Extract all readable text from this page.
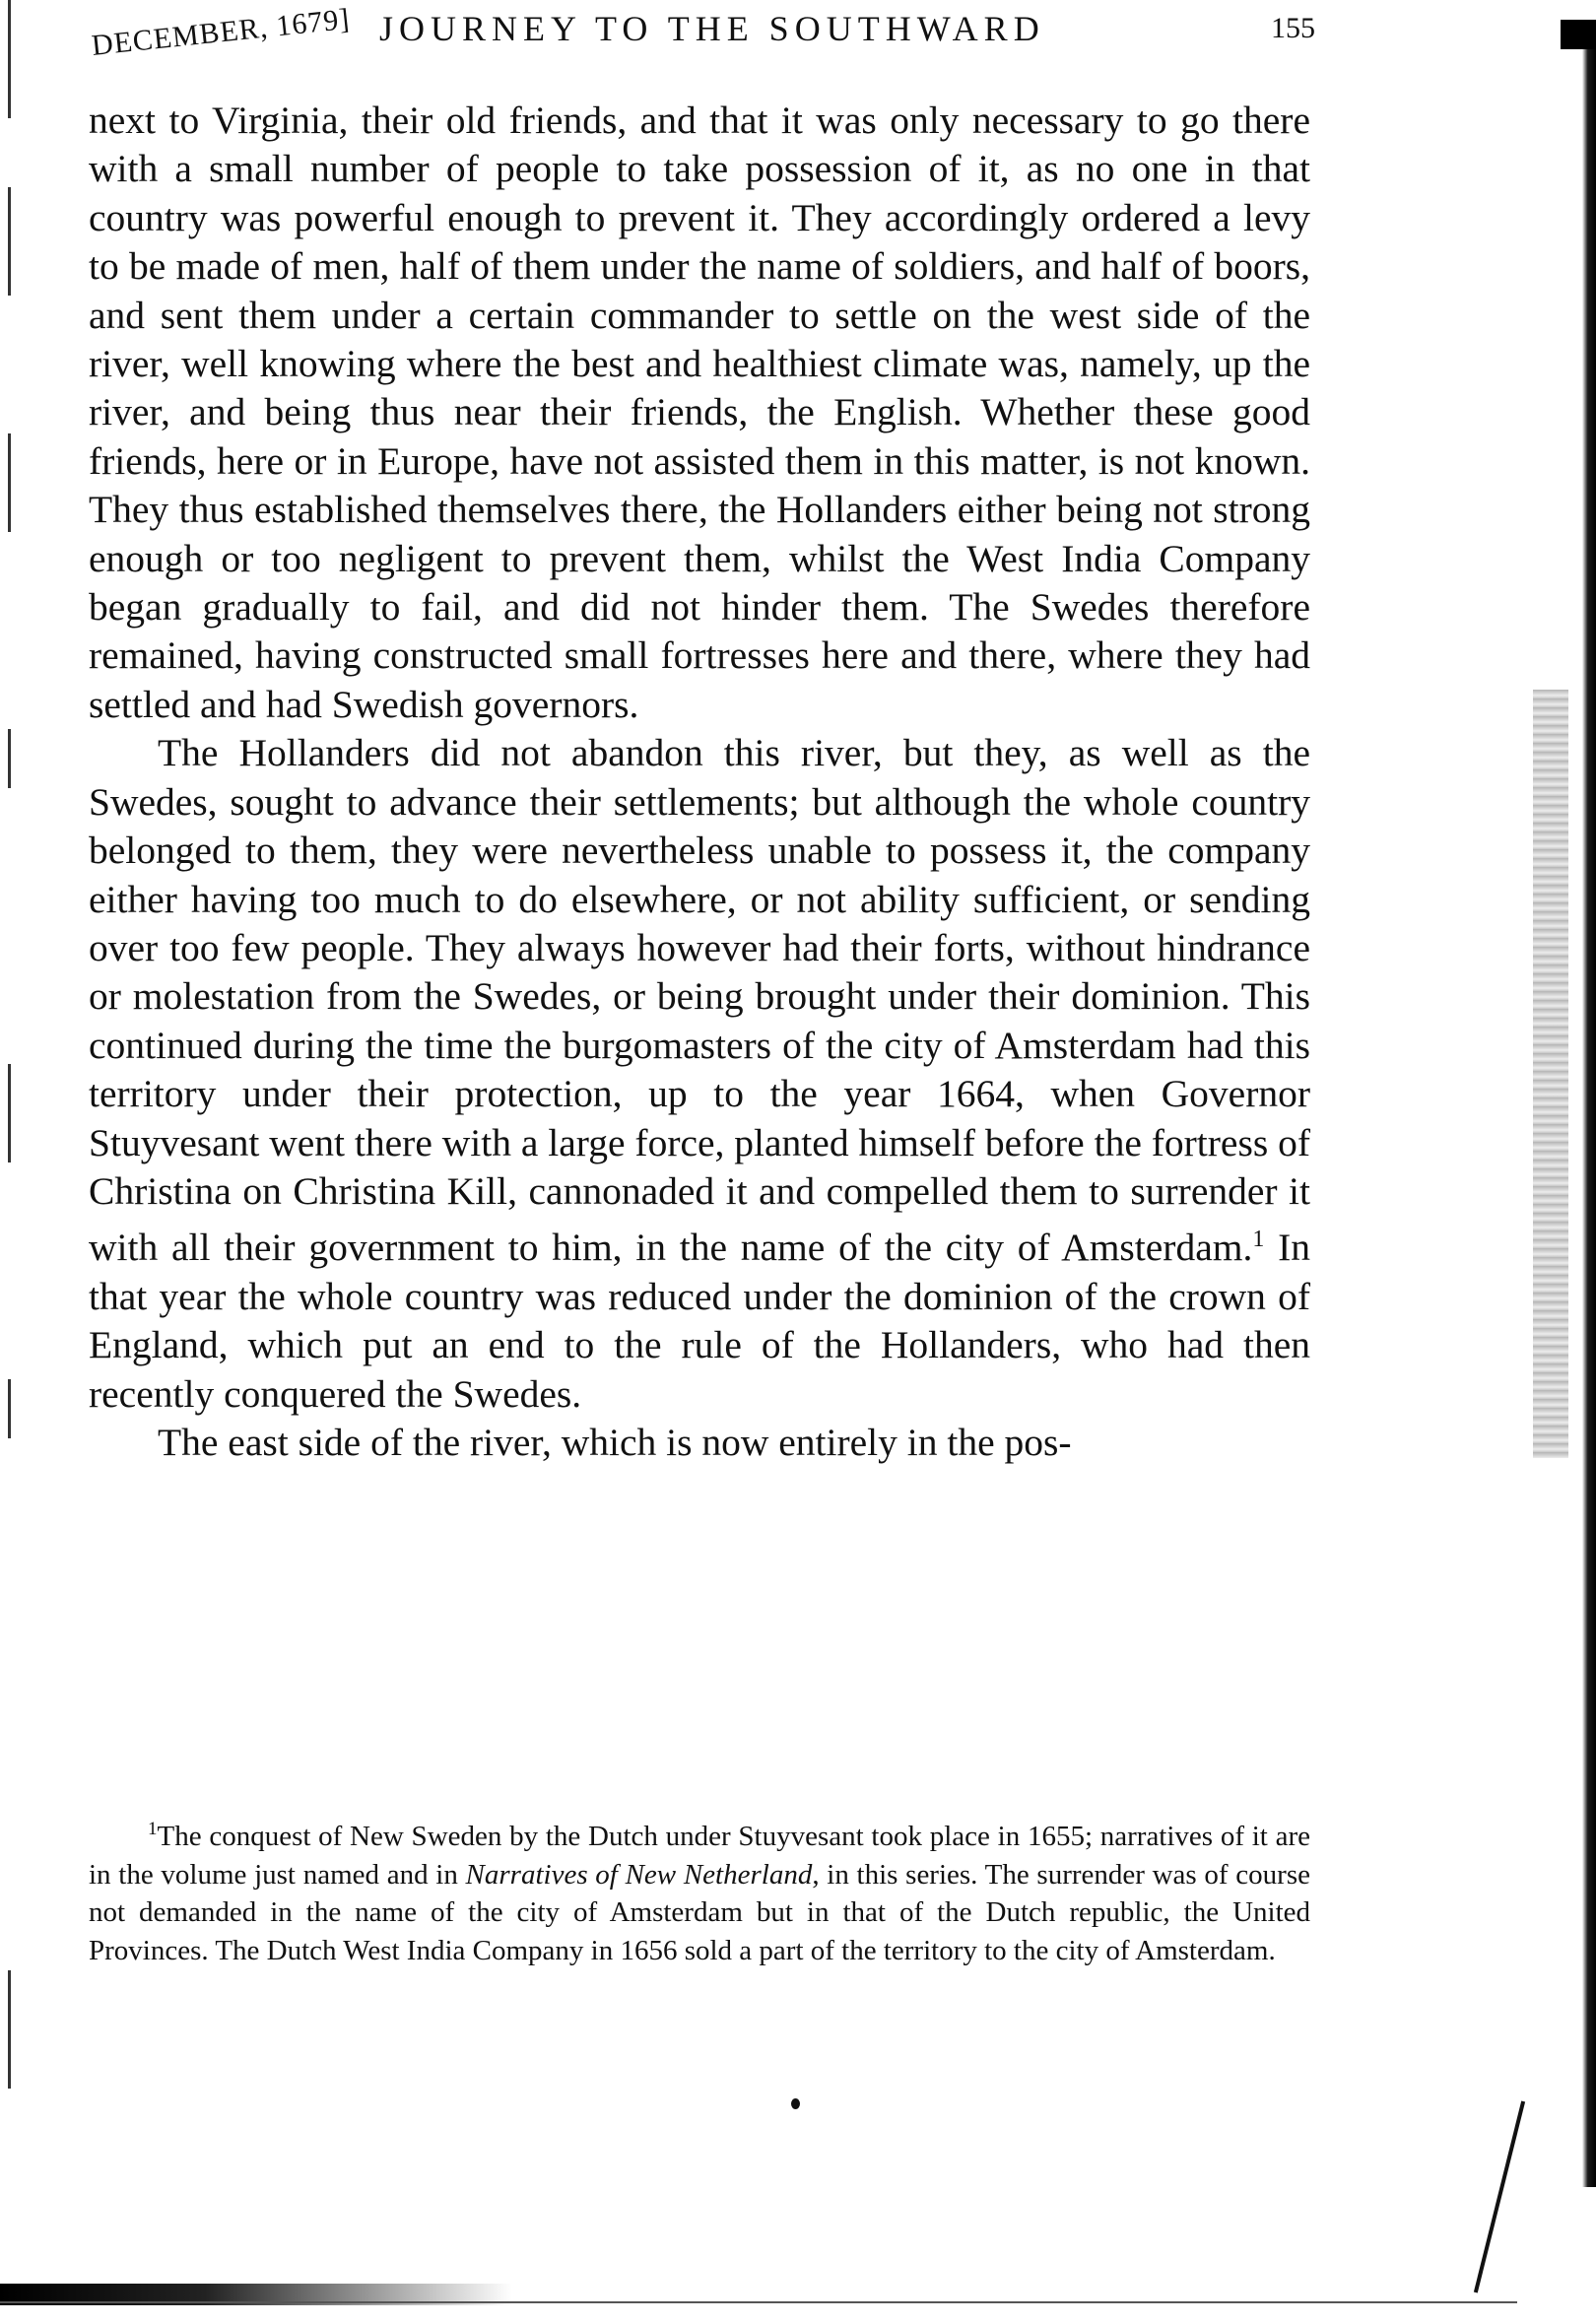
DECEMBER, 1679] JOURNEY TO THE SOUTHWARD	155

next to Virginia, their old friends, and that it was only necessary to go there with a small number of people to take possession of it, as no one in that country was powerful enough to prevent it. They accordingly ordered a levy to be made of men, half of them under the name of soldiers, and half of boors, and sent them under a certain commander to settle on the west side of the river, well knowing where the best and healthiest climate was, namely, up the river, and being thus near their friends, the English. Whether these good friends, here or in Europe, have not assisted them in this matter, is not known. They thus established themselves there, the Hollanders either being not strong enough or too negligent to prevent them, whilst the West India Company began gradually to fail, and did not hinder them. The Swedes therefore remained, having constructed small fortresses here and there, where they had settled and had Swedish governors.

The Hollanders did not abandon this river, but they, as well as the Swedes, sought to advance their settlements; but although the whole country belonged to them, they were nevertheless unable to possess it, the company either having too much to do elsewhere, or not ability sufficient, or sending over too few people. They always however had their forts, without hindrance or molestation from the Swedes, or being brought under their dominion. This continued during the time the burgomasters of the city of Amsterdam had this territory under their protection, up to the year 1664, when Governor Stuyvesant went there with a large force, planted himself before the fortress of Christina on Christina Kill, cannonaded it and compelled them to surrender it with all their government to him, in the name of the city of Amsterdam.$^1$ In that year the whole country was reduced under the dominion of the crown of England, which put an end to the rule of the Hollanders, who had then recently conquered the Swedes.

The east side of the river, which is now entirely in the pos-

$^1$The conquest of New Sweden by the Dutch under Stuyvesant took place in 1655; narratives of it are in the volume just named and in Narratives of New Netherland, in this series. The surrender was of course not demanded in the name of the city of Amsterdam but in that of the Dutch republic, the United Provinces. The Dutch West India Company in 1656 sold a part of the territory to the city of Amsterdam.
